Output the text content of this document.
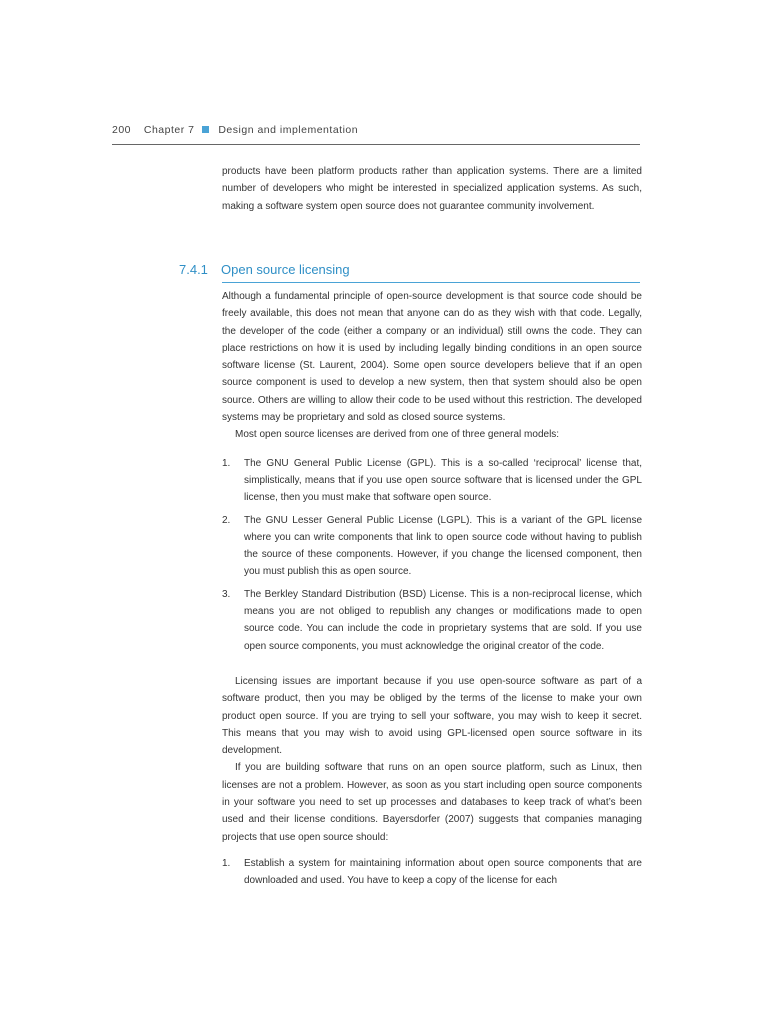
200 Chapter 7 Design and implementation

products have been platform products rather than application systems. There are a limited number of developers who might be interested in specialized application systems. As such, making a software system open source does not guarantee community involvement.

7.4.1 Open source licensing

Although a fundamental principle of open-source development is that source code should be freely available, this does not mean that anyone can do as they wish with that code. Legally, the developer of the code (either a company or an individual) still owns the code. They can place restrictions on how it is used by including legally binding conditions in an open source software license (St. Laurent, 2004). Some open source developers believe that if an open source component is used to develop a new system, then that system should also be open source. Others are willing to allow their code to be used without this restriction. The developed systems may be proprietary and sold as closed source systems.

Most open source licenses are derived from one of three general models:

1. The GNU General Public License (GPL). This is a so-called ‘reciprocal’ license that, simplistically, means that if you use open source software that is licensed under the GPL license, then you must make that software open source.
2. The GNU Lesser General Public License (LGPL). This is a variant of the GPL license where you can write components that link to open source code without having to publish the source of these components. However, if you change the licensed component, then you must publish this as open source.
3. The Berkley Standard Distribution (BSD) License. This is a non-reciprocal license, which means you are not obliged to republish any changes or modifications made to open source code. You can include the code in proprietary systems that are sold. If you use open source components, you must acknowledge the original creator of the code.

Licensing issues are important because if you use open-source software as part of a software product, then you may be obliged by the terms of the license to make your own product open source. If you are trying to sell your software, you may wish to keep it secret. This means that you may wish to avoid using GPL-licensed open source software in its development.

If you are building software that runs on an open source platform, such as Linux, then licenses are not a problem. However, as soon as you start including open source components in your software you need to set up processes and databases to keep track of what’s been used and their license conditions. Bayersdorfer (2007) suggests that companies managing projects that use open source should:

1. Establish a system for maintaining information about open source components that are downloaded and used. You have to keep a copy of the license for each
